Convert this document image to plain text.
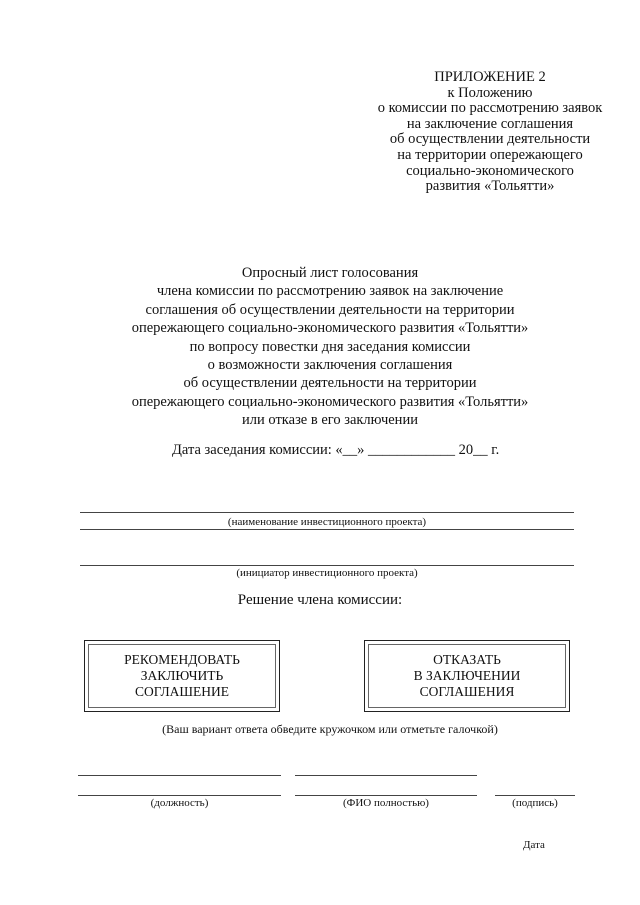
ПРИЛОЖЕНИЕ 2
к Положению
о комиссии по рассмотрению заявок
на заключение соглашения
об осуществлении деятельности
на территории опережающего
социально-экономического
развития «Тольятти»
Опросный лист голосования
члена комиссии по рассмотрению заявок на заключение
соглашения об осуществлении деятельности на территории
опережающего социально-экономического развития «Тольятти»
по вопросу повестки дня заседания комиссии
о возможности заключения соглашения
об осуществлении деятельности на территории
опережающего социально-экономического развития «Тольятти»
или отказе в его заключении
Дата заседания комиссии: «__» ____________ 20__ г.
(наименование инвестиционного проекта)
(инициатор инвестиционного проекта)
Решение члена комиссии:
РЕКОМЕНДОВАТЬ
ЗАКЛЮЧИТЬ
СОГЛАШЕНИЕ
ОТКАЗАТЬ
В ЗАКЛЮЧЕНИИ
СОГЛАШЕНИЯ
(Ваш вариант ответа обведите кружочком или отметьте галочкой)
(должность)	(ФИО полностью)	(подпись)
Дата
